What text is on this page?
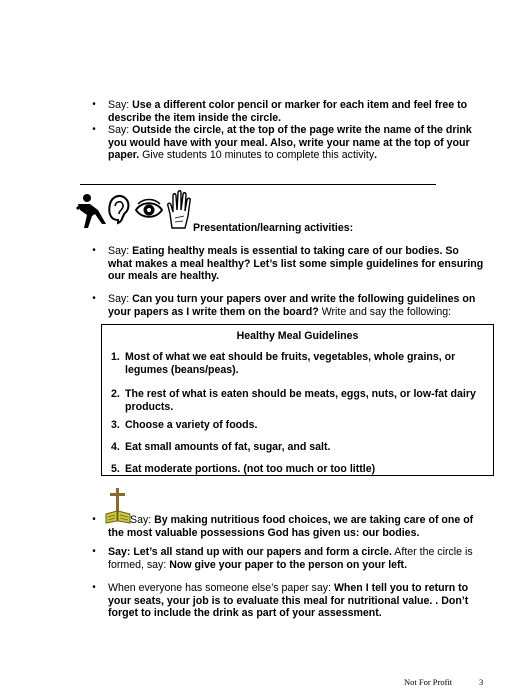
•	Say: Use a different color pencil or marker for each item and feel free to
describe the item inside the circle.
•	Say: Outside the circle, at the top of the page write the name of the drink
you would have with your meal. Also, write your name at the top of your
paper. Give students 10 minutes to complete this activity.
Presentation/learning activities:
•	Say: Eating healthy meals is essential to taking care of our bodies. So
what makes a meal healthy? Let’s list some simple guidelines for ensuring
our meals are healthy.
•	Say: Can you turn your papers over and write the following guidelines on
your papers as I write them on the board? Write and say the following:
Healthy Meal Guidelines
1. Most of what we eat should be fruits, vegetables, whole grains, or
legumes (beans/peas).
2. The rest of what is eaten should be meats, eggs, nuts, or low-fat dairy
products.
3. Choose a variety of foods.
4. Eat small amounts of fat, sugar, and salt.
5. Eat moderate portions. (not too much or too little)
•	Say: By making nutritious food choices, we are taking care of one of
the most valuable possessions God has given us: our bodies.
•	Say: Let’s all stand up with our papers and form a circle. After the circle is
formed, say: Now give your paper to the person on your left.
•	When everyone has someone else’s paper say: When I tell you to return to
your seats, your job is to evaluate this meal for nutritional value. . Don’t
forget to include the drink as part of your assessment.
Not For Profit	3
